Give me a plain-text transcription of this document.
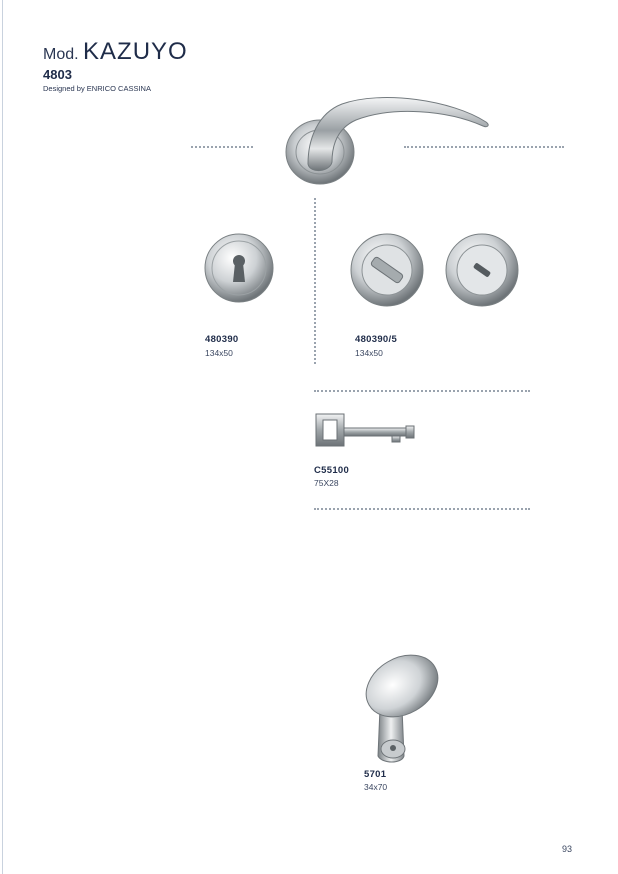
Mod. KAZUYO
4803
Designed by ENRICO CASSINA
480390
134x50
480390/5
134x50
C55100
75X28
5701
34x70
93
